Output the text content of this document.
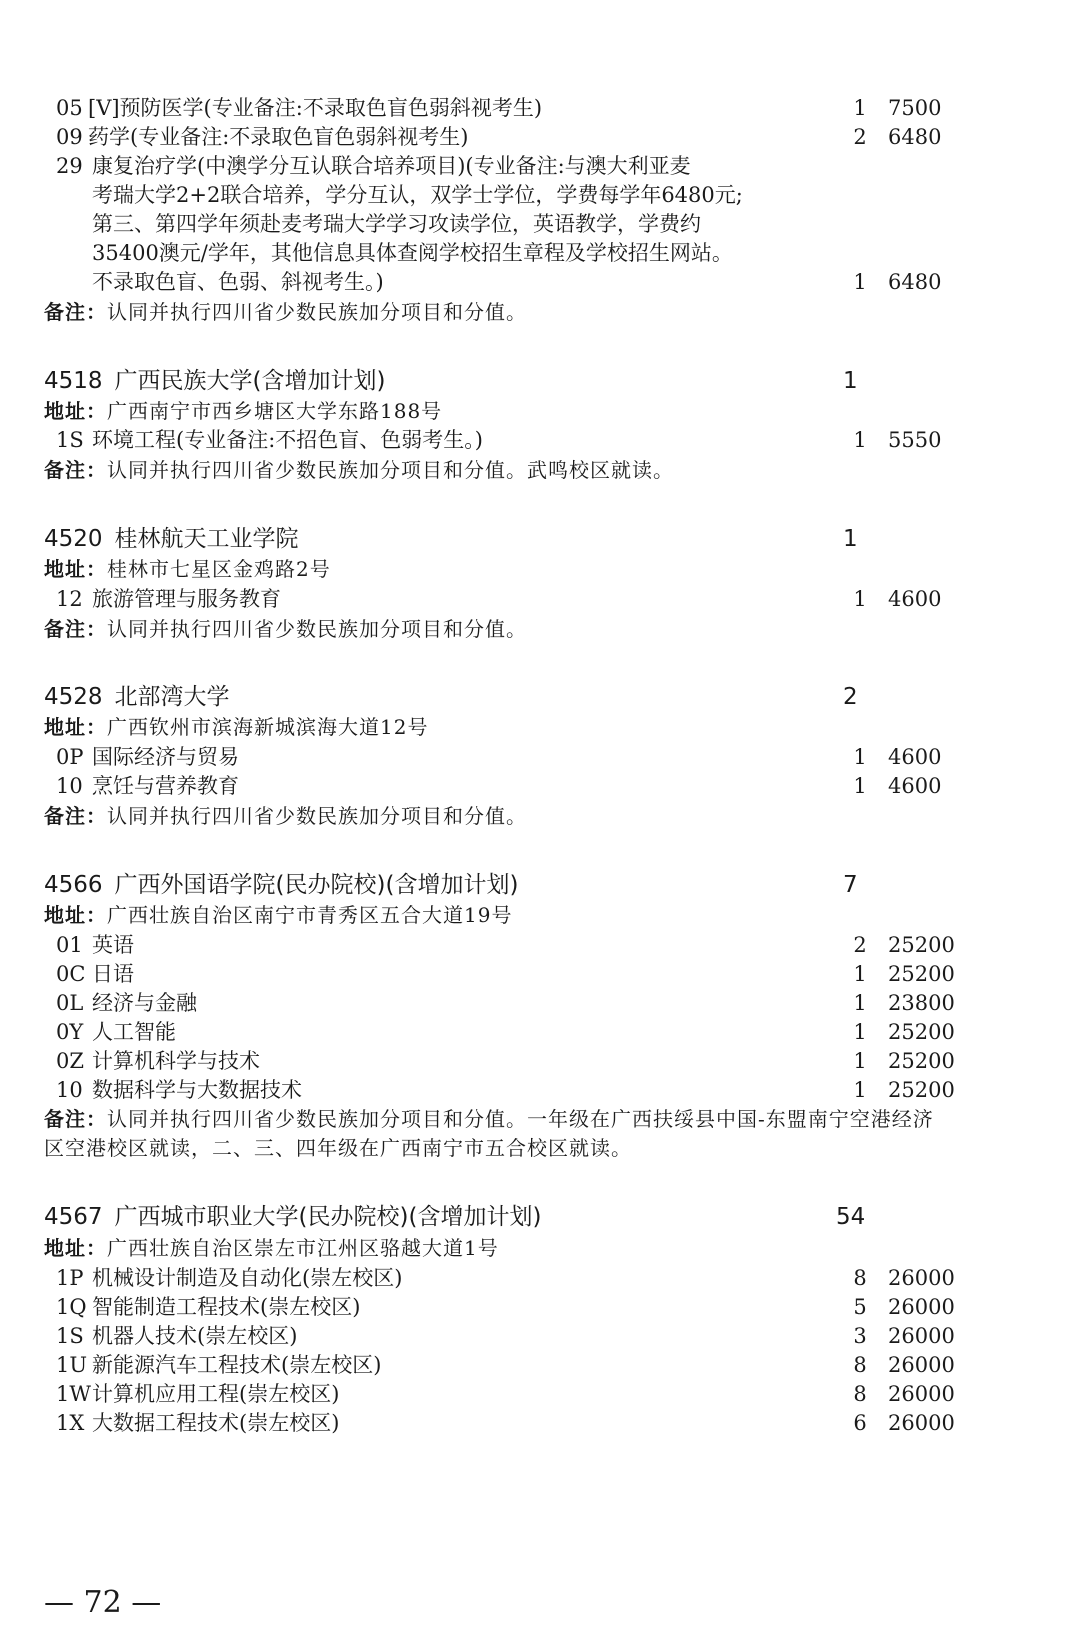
05 [Ⅴ]预防医学(专业备注:不录取色盲色弱斜视考生)	1 7500
09 药学(专业备注:不录取色盲色弱斜视考生)	2 6480
29 康复治疗学(中澳学分互认联合培养项目)(专业备注:与澳大利亚麦
考瑞大学2+2联合培养，学分互认，双学士学位，学费每学年6480元;
第三、第四学年须赴麦考瑞大学学习攻读学位，英语教学，学费约
35400澳元/学年，其他信息具体查阅学校招生章程及学校招生网站。
不录取色盲、色弱、斜视考生。)	1 6480
备注：认同并执行四川省少数民族加分项目和分值。
4518 广西民族大学(含增加计划)	1
地址：广西南宁市西乡塘区大学东路188号
1S 环境工程(专业备注:不招色盲、色弱考生。)	1 5550
备注：认同并执行四川省少数民族加分项目和分值。武鸣校区就读。
4520 桂林航天工业学院	1
地址：桂林市七星区金鸡路2号
12 旅游管理与服务教育	1 4600
备注：认同并执行四川省少数民族加分项目和分值。
4528 北部湾大学	2
地址：广西钦州市滨海新城滨海大道12号
0P 国际经济与贸易	1 4600
10 烹饪与营养教育	1 4600
备注：认同并执行四川省少数民族加分项目和分值。
4566 广西外国语学院(民办院校)(含增加计划)	7
地址：广西壮族自治区南宁市青秀区五合大道19号
01 英语	2 25200
0C 日语	1 25200
0L 经济与金融	1 23800
0Y 人工智能	1 25200
0Z 计算机科学与技术	1 25200
10 数据科学与大数据技术	1 25200
备注：认同并执行四川省少数民族加分项目和分值。一年级在广西扶绥县中国-东盟南宁空港经济
区空港校区就读，二、三、四年级在广西南宁市五合校区就读。
4567 广西城市职业大学(民办院校)(含增加计划)	54
地址：广西壮族自治区崇左市江州区骆越大道1号
1P 机械设计制造及自动化(崇左校区)	8 26000
1Q 智能制造工程技术(崇左校区)	5 26000
1S 机器人技术(崇左校区)	3 26000
1U 新能源汽车工程技术(崇左校区)	8 26000
1W 计算机应用工程(崇左校区)	8 26000
1X 大数据工程技术(崇左校区)	6 26000
— 72 —
